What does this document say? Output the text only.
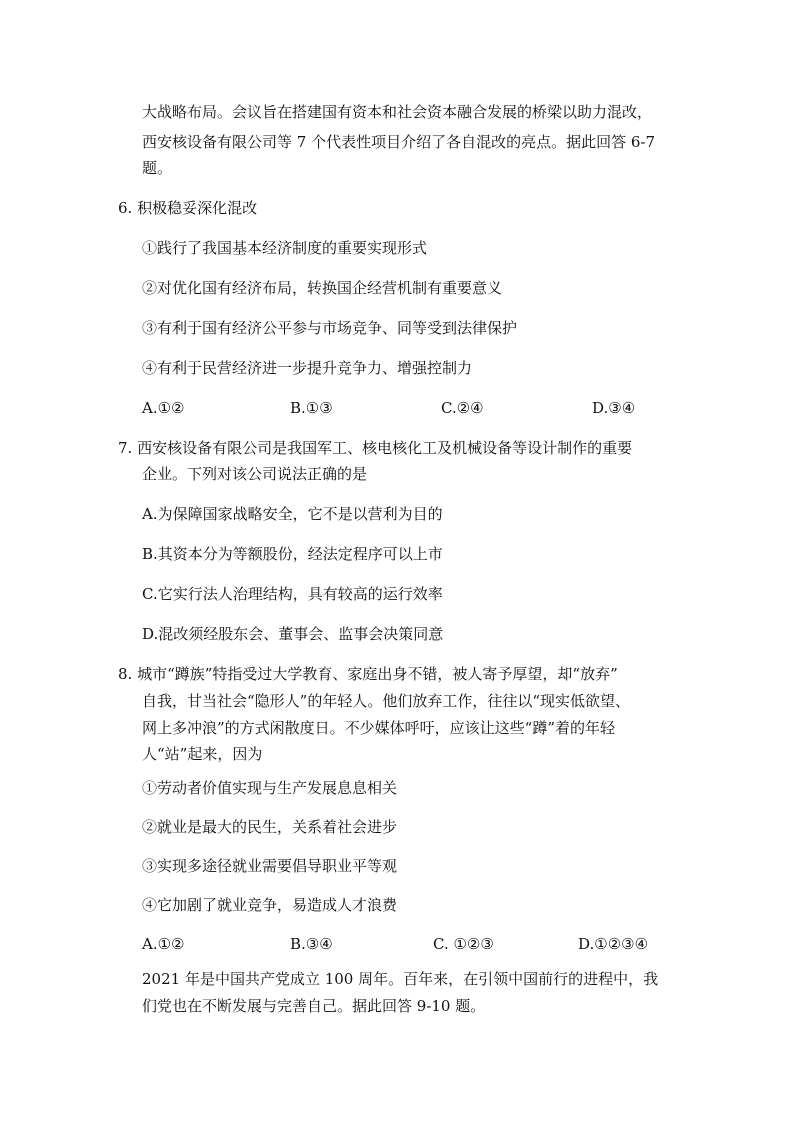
大战略布局。会议旨在搭建国有资本和社会资本融合发展的桥梁以助力混改，
西安核设备有限公司等 7 个代表性项目介绍了各自混改的亮点。据此回答 6-7
题。
6. 积极稳妥深化混改
①践行了我国基本经济制度的重要实现形式
②对优化国有经济布局，转换国企经营机制有重要意义
③有利于国有经济公平参与市场竞争、同等受到法律保护
④有利于民营经济进一步提升竞争力、增强控制力
A.①②	B.①③	C.②④	D.③④
7. 西安核设备有限公司是我国军工、核电核化工及机械设备等设计制作的重要
企业。下列对该公司说法正确的是
A.为保障国家战略安全，它不是以营利为目的
B.其资本分为等额股份，经法定程序可以上市
C.它实行法人治理结构，具有较高的运行效率
D.混改须经股东会、董事会、监事会决策同意
8. 城市“蹲族”特指受过大学教育、家庭出身不错，被人寄予厚望，却“放弃”
自我，甘当社会“隐形人”的年轻人。他们放弃工作，往往以“现实低欲望、
网上多冲浪”的方式闲散度日。不少媒体呼吁，应该让这些“蹲”着的年轻
人“站”起来，因为
①劳动者价值实现与生产发展息息相关
②就业是最大的民生，关系着社会进步
③实现多途径就业需要倡导职业平等观
④它加剧了就业竞争，易造成人才浪费
A.①②	B.③④	C. ①②③	D.①②③④
2021 年是中国共产党成立 100 周年。百年来，在引领中国前行的进程中，我
们党也在不断发展与完善自己。据此回答 9-10 题。
